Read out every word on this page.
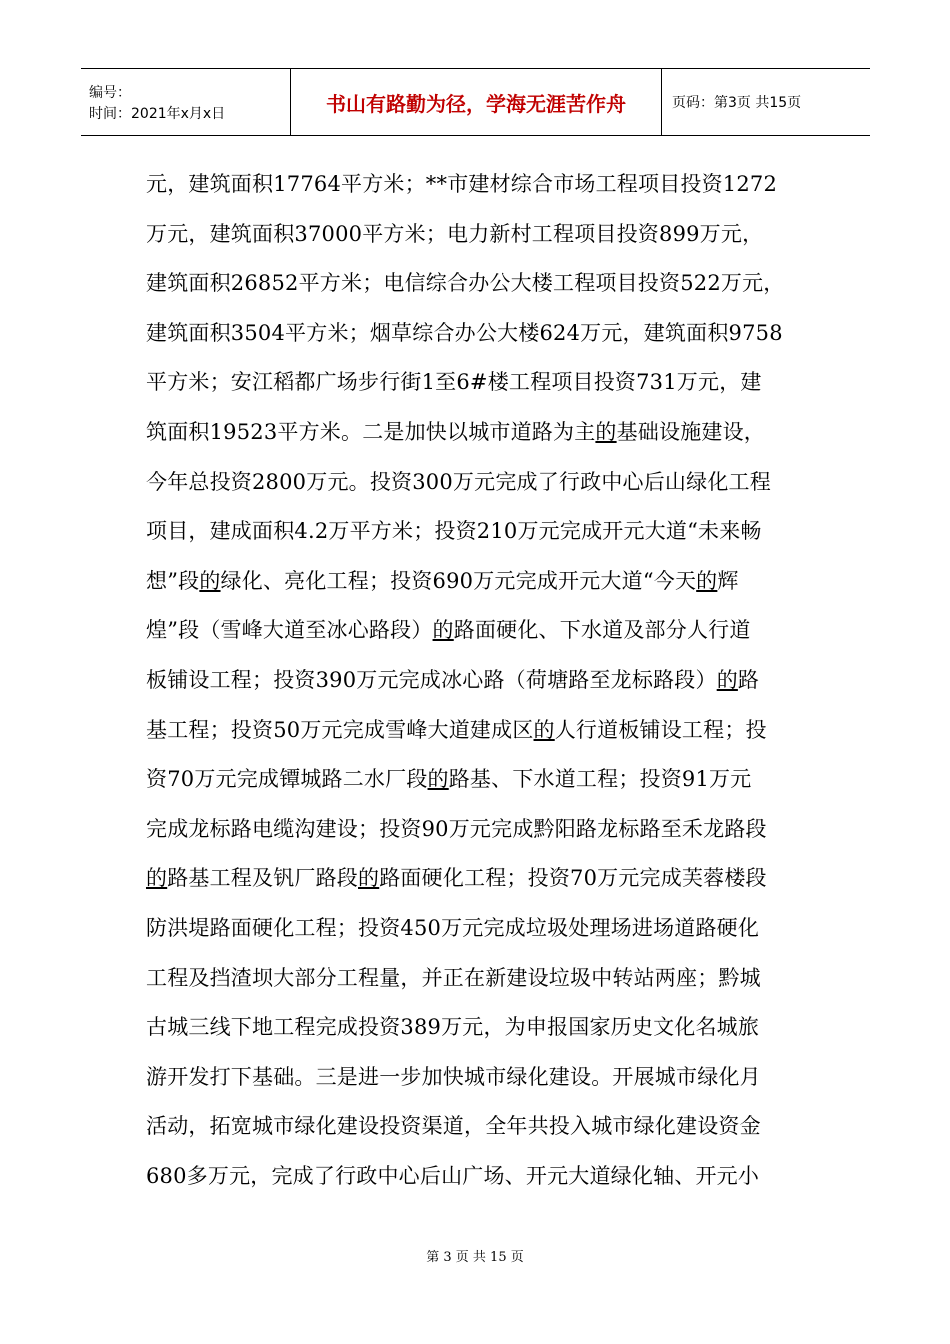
编号：
时间：2021年x月x日	书山有路勤为径，学海无涯苦作舟	页码：第3页 共15页
元，建筑面积17764平方米；**市建材综合市场工程项目投资1272
万元，建筑面积37000平方米；电力新村工程项目投资899万元，
建筑面积26852平方米；电信综合办公大楼工程项目投资522万元，
建筑面积3504平方米；烟草综合办公大楼624万元，建筑面积9758
平方米；安江稻都广场步行街1至6#楼工程项目投资731万元，建
筑面积19523平方米。二是加快以城市道路为主的基础设施建设，
今年总投资2800万元。投资300万元完成了行政中心后山绿化工程
项目，建成面积4.2万平方米；投资210万元完成开元大道“未来畅
想”段的绿化、亮化工程；投资690万元完成开元大道“今天的辉
煌”段（雪峰大道至冰心路段）的路面硬化、下水道及部分人行道
板铺设工程；投资390万元完成冰心路（荷塘路至龙标路段）的路
基工程；投资50万元完成雪峰大道建成区的人行道板铺设工程；投
资70万元完成镡城路二水厂段的路基、下水道工程；投资91万元
完成龙标路电缆沟建设；投资90万元完成黔阳路龙标路至禾龙路段
的路基工程及钒厂路段的路面硬化工程；投资70万元完成芙蓉楼段
防洪堤路面硬化工程；投资450万元完成垃圾处理场进场道路硬化
工程及挡渣坝大部分工程量，并正在新建设垃圾中转站两座；黔城
古城三线下地工程完成投资389万元，为申报国家历史文化名城旅
游开发打下基础。三是进一步加快城市绿化建设。开展城市绿化月
活动，拓宽城市绿化建设投资渠道，全年共投入城市绿化建设资金
680多万元，完成了行政中心后山广场、开元大道绿化轴、开元小
第 3 页 共 15 页
